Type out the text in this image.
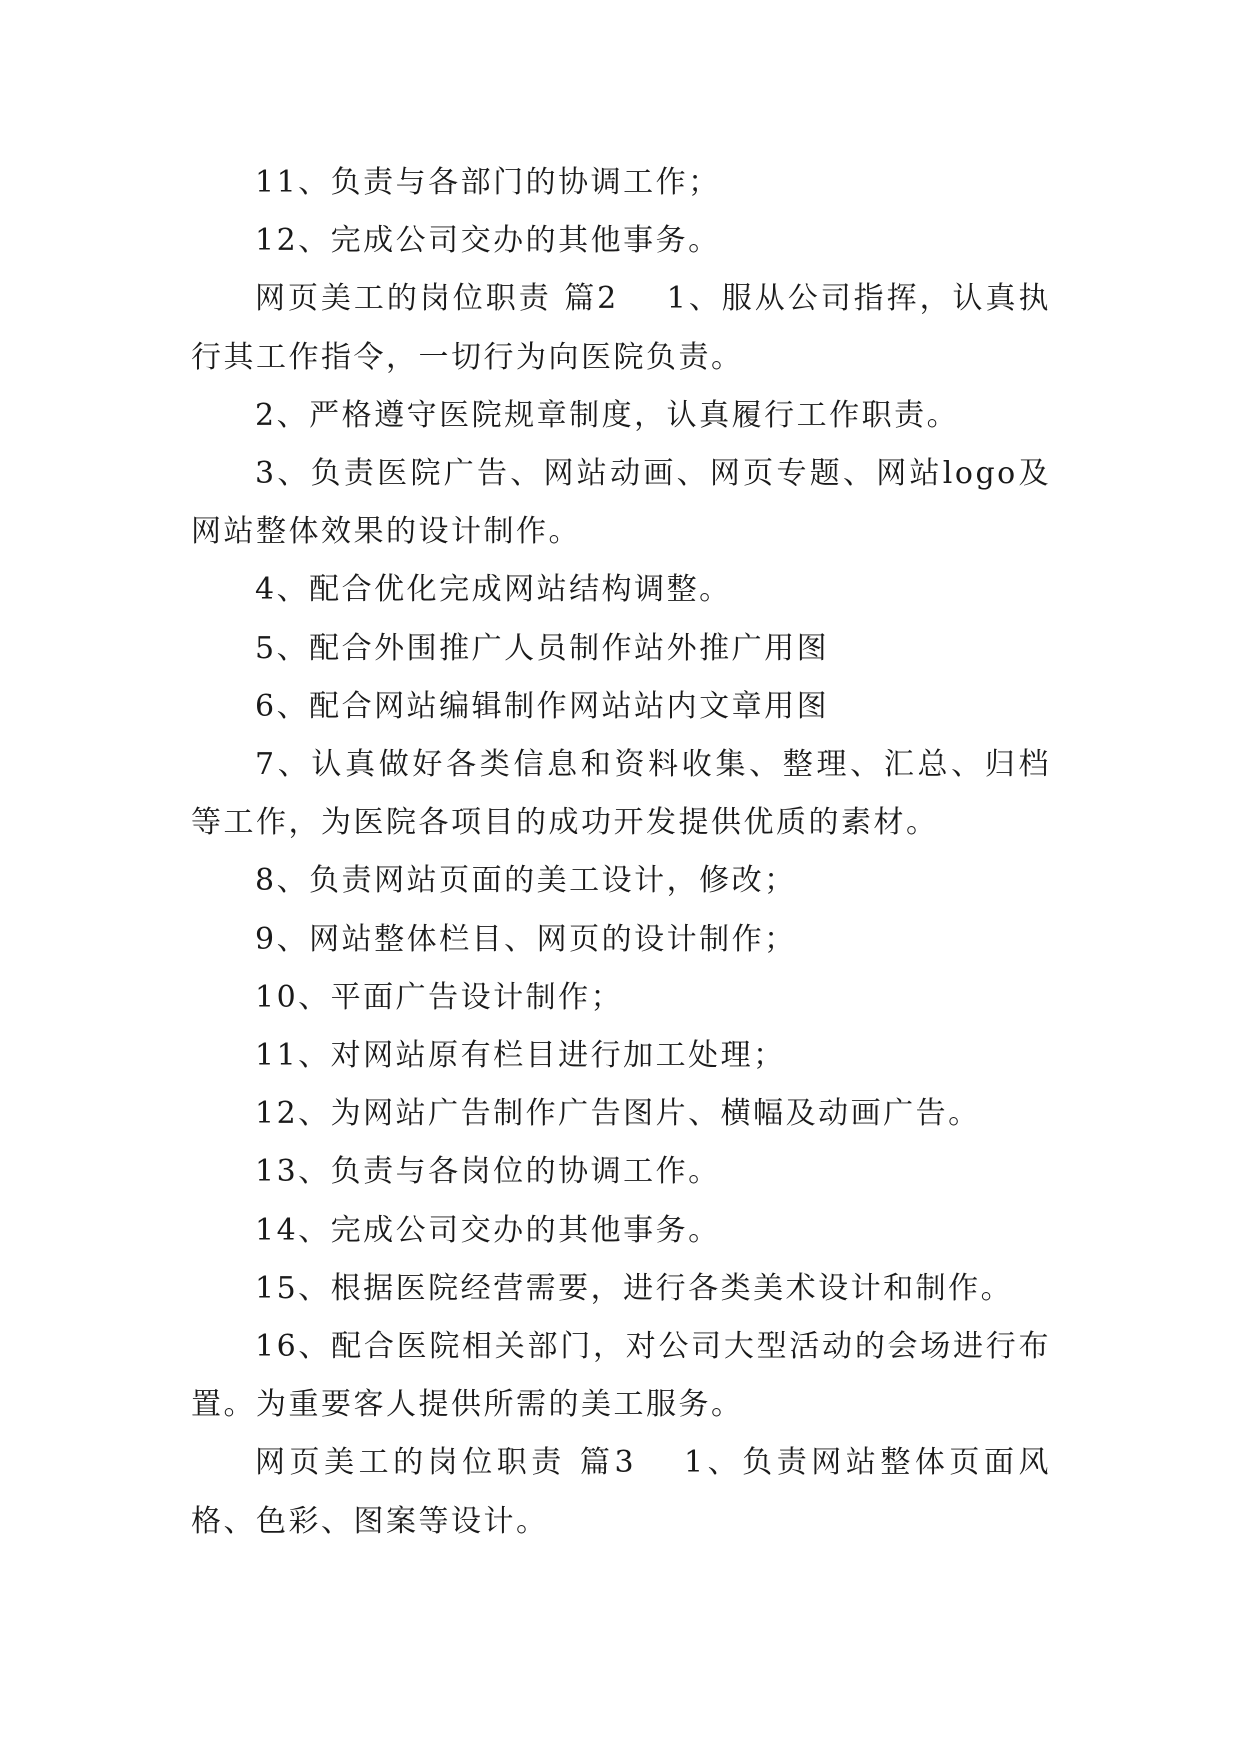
11、负责与各部门的协调工作；

12、完成公司交办的其他事务。

网页美工的岗位职责 篇2 1、服从公司指挥，认真执行其工作指令，一切行为向医院负责。

2、严格遵守医院规章制度，认真履行工作职责。

3、负责医院广告、网站动画、网页专题、网站logo及网站整体效果的设计制作。

4、配合优化完成网站结构调整。

5、配合外围推广人员制作站外推广用图

6、配合网站编辑制作网站站内文章用图

7、认真做好各类信息和资料收集、整理、汇总、归档等工作，为医院各项目的成功开发提供优质的素材。

8、负责网站页面的美工设计，修改；

9、网站整体栏目、网页的设计制作；

10、平面广告设计制作；

11、对网站原有栏目进行加工处理；

12、为网站广告制作广告图片、横幅及动画广告。

13、负责与各岗位的协调工作。

14、完成公司交办的其他事务。

15、根据医院经营需要，进行各类美术设计和制作。

16、配合医院相关部门，对公司大型活动的会场进行布置。为重要客人提供所需的美工服务。

网页美工的岗位职责 篇3 1、负责网站整体页面风格、色彩、图案等设计。
